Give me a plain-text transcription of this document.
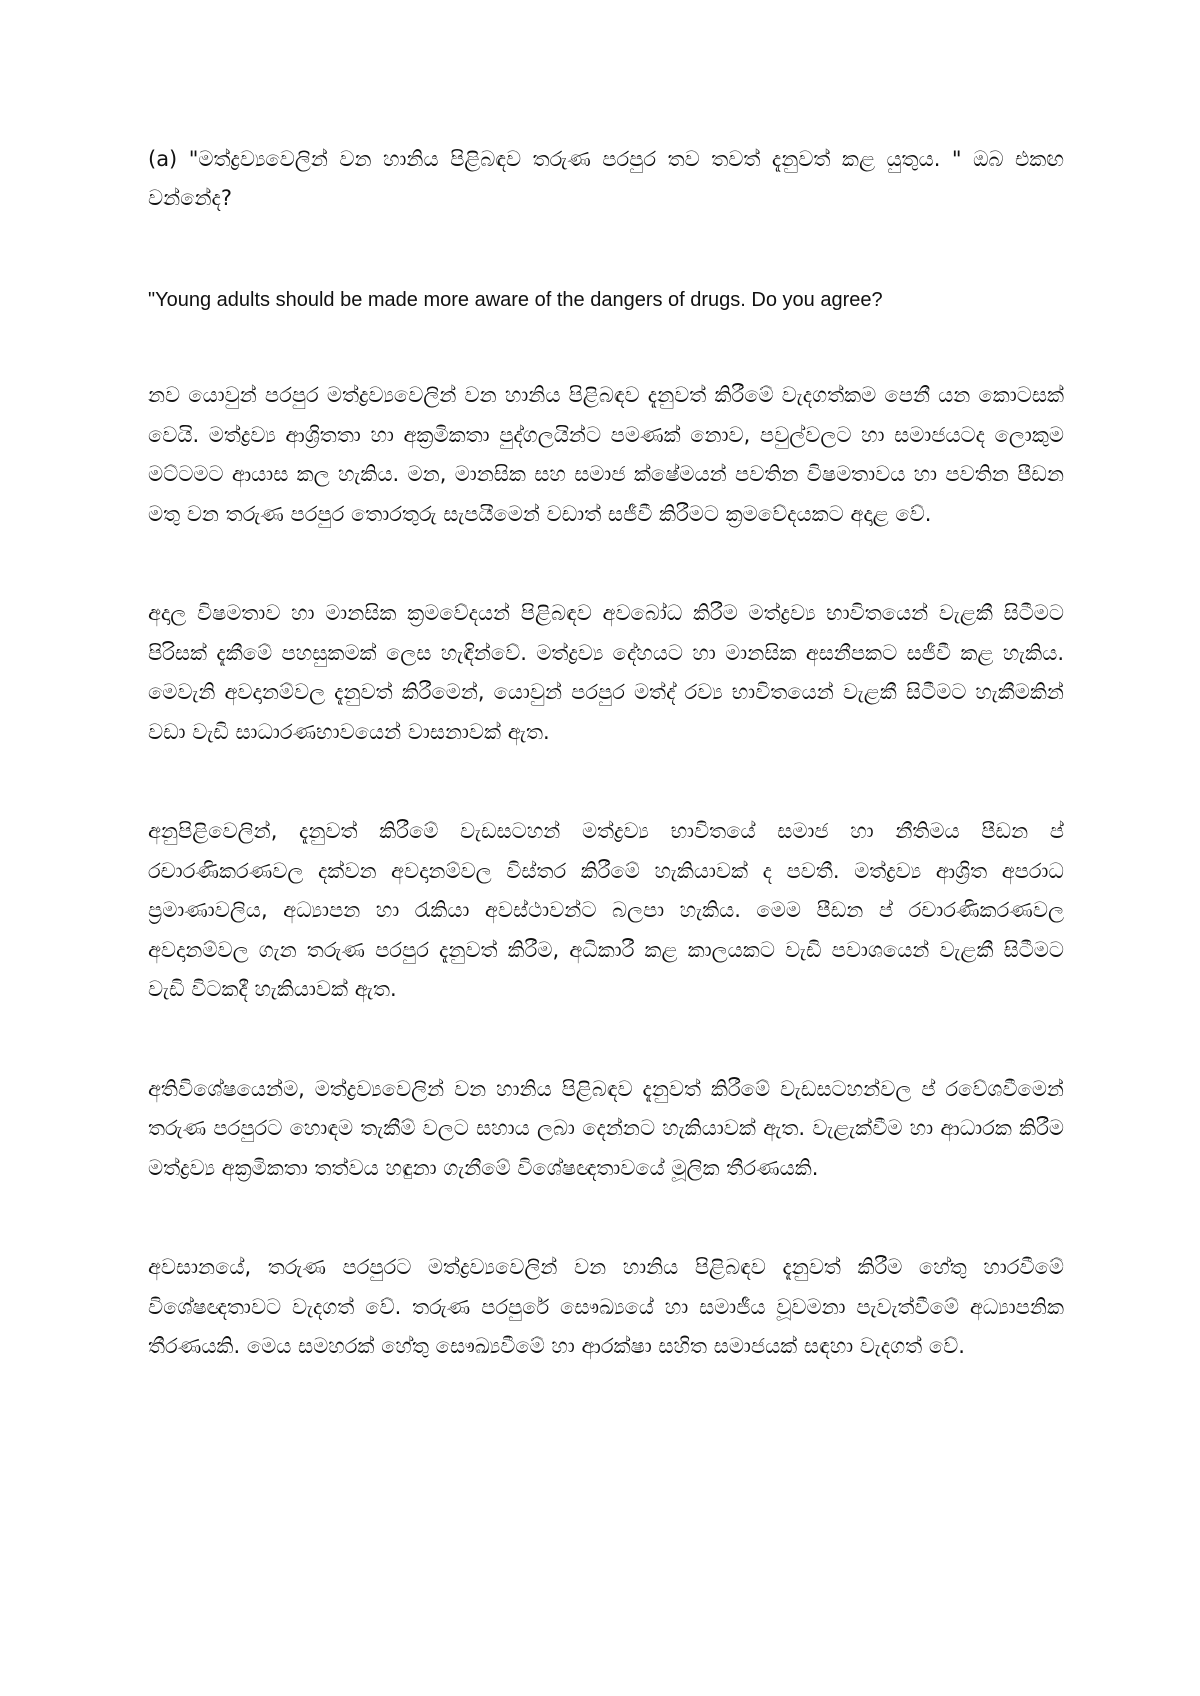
(a) "මත්ද්‍රව්‍යවෙලින් වන හානිය පිළිබඳව තරුණ පරපුර තව තවත් දැනුවත් කළ යුතුය. " ඔබ එකඟ වන්නේද?

"Young adults should be made more aware of the dangers of drugs. Do you agree?

නව යොවුන් පරපුර මත්ද්‍රව්‍යවෙලින් වන හානිය පිළිබඳව දැනුවත් කිරීමේ වැදගත්කම පෙනී යන කොටසක් වෙයි. මත්ද්‍රව්‍ය ආශ්‍රිතතා හා අක්‍රමිකතා පුද්ගලයින්ට පමණක් නොව, පවුල්වලට හා සමාජයටද ලොකුම මට්ටමට ආයාස කල හැකිය. මන, මානසික සහ සමාජ ක්ෂේමයන් පවතින විෂමතාවය හා පවතින පීඩන මතු වන තරුණ පරපුර තොරතුරු සැපයීමෙන් වඩාත් සජීවී කිරීමට ක්‍රමවේදයකට අදාළ වේ.

අදාල විෂමතාව හා මානසික ක්‍රමවේදයන් පිළිබඳව අවබෝධ කිරීම මත්ද්‍රව්‍ය භාවිතයෙන් වැළකී සිටීමට පිරිසක් දැකීමේ පහසුකමක් ලෙස හැඳින්වේ. මත්ද්‍රව්‍ය දේහයට හා මානසික අසනීපකට සජීවී කළ හැකිය. මෙවැනි අවදානම්වල දැනුවත් කිරීමෙන්, යොවුන් පරපුර මත්ද් රව්‍ය භාවිතයෙන් වැළකී සිටීමට හැකීමකින් වඩා වැඩි සාධාරණභාවයෙන් වාසනාවක් ඇත.

අනුපිළිවෙලින්, දැනුවත් කිරීමේ වැඩසටහන් මත්ද්‍රව්‍ය භාවිතයේ සමාජ හා නීතිමය පීඩන ප් රචාරණිකරණවල දක්වන අවදානම්වල විස්තර කිරීමේ හැකියාවක් ද පවතී. මත්ද්‍රව්‍ය ආශ්‍රිත අපරාධ ප්‍රමාණාවලිය, අධ්‍යාපන හා රැකියා අවස්ථාවන්ට බලපා හැකිය. මෙම පීඩන ප් රචාරණිකරණවල අවදානම්වල ගැන තරුණ පරපුර දැනුවත් කිරීම, අධිකාරී කළ කාලයකට වැඩි පවාශයෙන් වැළකී සිටීමට වැඩි විටකදී හැකියාවක් ඇත.

අතිවිශේෂයෙන්ම, මත්ද්‍රව්‍යවෙලින් වන හානිය පිළිබඳව දැනුවත් කිරීමේ වැඩසටහන්වල ප් රවේශවීමෙන් තරුණ පරපුරට හොඳම තැකීම් වලට සහාය ලබා දෙන්නට හැකියාවක් ඇත. වැළැක්වීම හා ආධාරක කිරීම මත්ද්‍රව්‍ය අක්‍රමිකතා තත්වය හඳුනා ගැනීමේ විශේෂඥතාවයේ මූලික තීරණයකි.

අවසානයේ, තරුණ පරපුරට මත්ද්‍රව්‍යවෙලින් වන හානිය පිළිබඳව දැනුවත් කිරීම හේතු හාරවීමේ විශේෂඥතාවට වැදගත් වේ. තරුණ පරපුරේ සෞඛ්‍යයේ හා සමාජීය වූවමනා පැවැත්වීමේ අධ්‍යාපනික තීරණයකි. මෙය සමහරක් හේතු සෞඛ්‍යවීමේ හා ආරක්ෂා සහිත සමාජයක් සඳහා වැදගත් වේ.
